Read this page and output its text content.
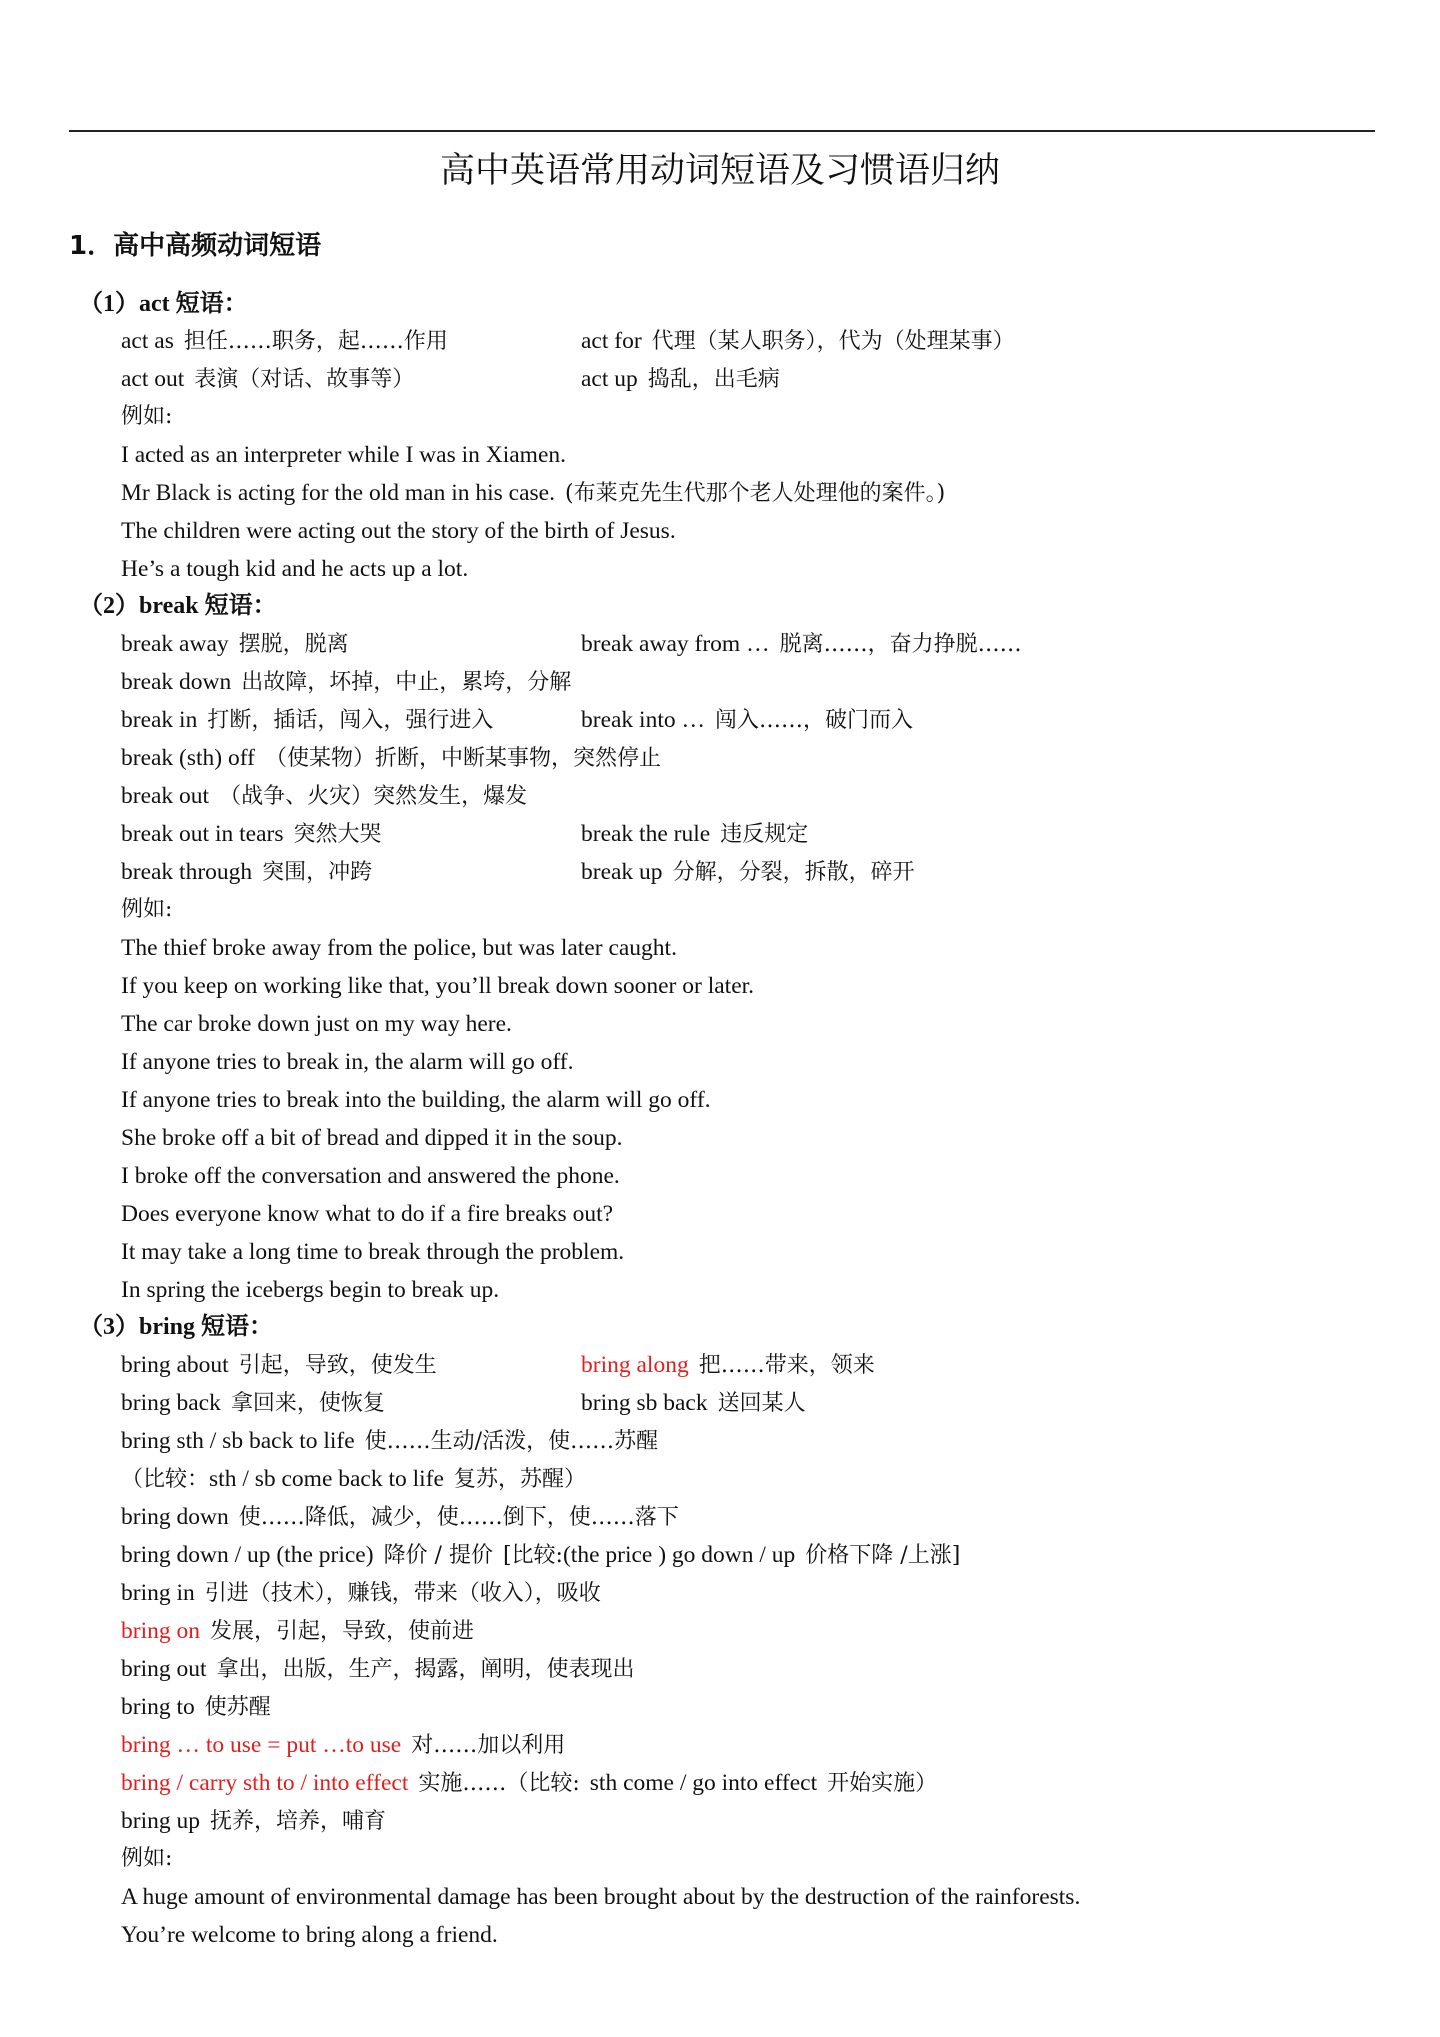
高中英语常用动词短语及习惯语归纳
1．高中高频动词短语
（1）act 短语：
act as 担任……职务，起……作用	act for 代理（某人职务），代为（处理某事）
act out 表演（对话、故事等）	act up 捣乱，出毛病
例如:
I acted as an interpreter while I was in Xiamen.
Mr Black is acting for the old man in his case. (布莱克先生代那个老人处理他的案件。)
The children were acting out the story of the birth of Jesus.
He’s a tough kid and he acts up a lot.
（2）break 短语：
break away 摆脱，脱离	break away from … 脱离……，奋力挣脱……
break down 出故障，坏掉，中止，累垮，分解
break in 打断，插话，闯入，强行进入	break into … 闯入……，破门而入
break (sth) off （使某物）折断，中断某事物，突然停止
break out （战争、火灾）突然发生，爆发
break out in tears 突然大哭	break the rule 违反规定
break through 突围，冲跨	break up 分解，分裂，拆散，碎开
例如:
The thief broke away from the police, but was later caught.
If you keep on working like that, you’ll break down sooner or later.
The car broke down just on my way here.
If anyone tries to break in, the alarm will go off.
If anyone tries to break into the building, the alarm will go off.
She broke off a bit of bread and dipped it in the soup.
I broke off the conversation and answered the phone.
Does everyone know what to do if a fire breaks out?
It may take a long time to break through the problem.
In spring the icebergs begin to break up.
（3）bring 短语：
bring about 引起，导致，使发生	bring along 把……带来，领来
bring back 拿回来，使恢复	bring sb back 送回某人
bring sth / sb back to life 使……生动/活泼，使……苏醒
（比较：sth / sb come back to life 复苏，苏醒）
bring down 使……降低，减少，使……倒下，使……落下
bring down / up (the price) 降价 / 提价 [比较:(the price ) go down / up 价格下降 /上涨]
bring in 引进（技术），赚钱，带来（收入），吸收
bring on 发展，引起，导致，使前进
bring out 拿出，出版，生产，揭露，阐明，使表现出
bring to 使苏醒
bring … to use = put …to use 对……加以利用
bring / carry sth to / into effect 实施……（比较: sth come / go into effect 开始实施）
bring up 抚养，培养，哺育
例如:
A huge amount of environmental damage has been brought about by the destruction of the rainforests.
You’re welcome to bring along a friend.
